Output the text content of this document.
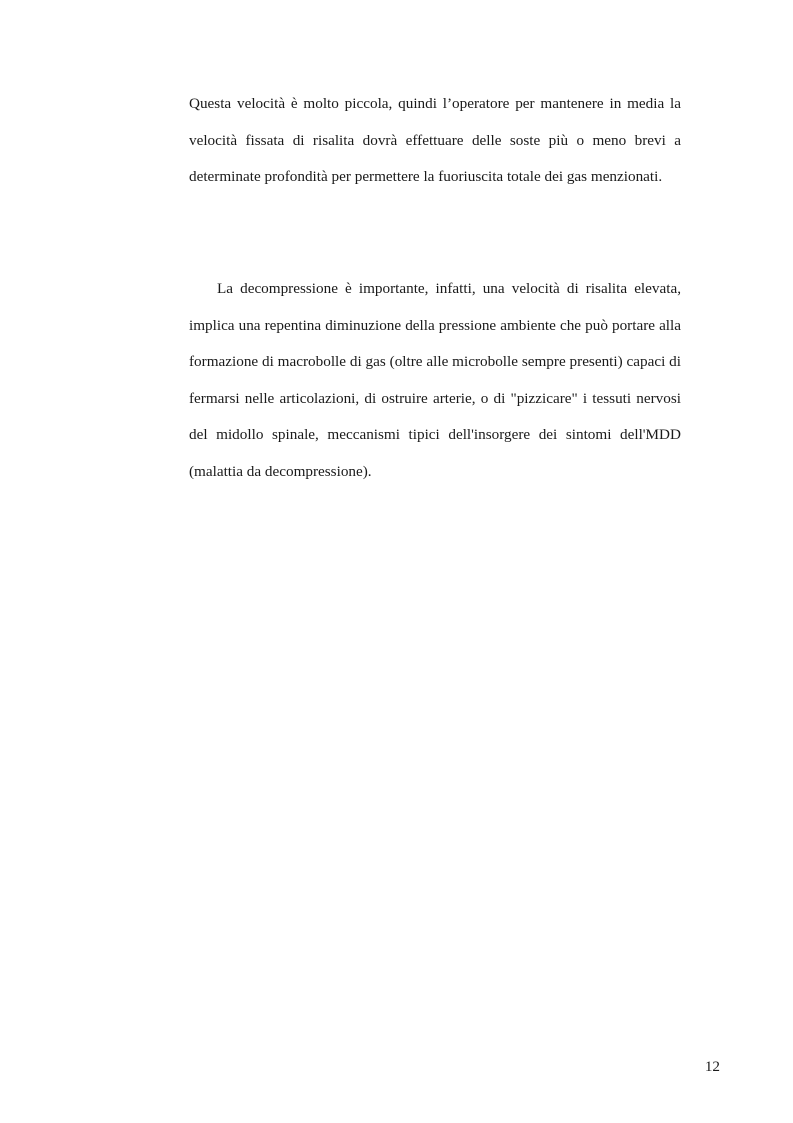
Questa velocità è molto piccola, quindi l’operatore per mantenere in media la velocità fissata di risalita dovrà effettuare delle soste più o meno brevi a determinate profondità per permettere la fuoriuscita totale dei gas menzionati.

La decompressione è importante, infatti, una velocità di risalita elevata, implica una repentina diminuzione della pressione ambiente che può portare alla formazione di macrobolle di gas (oltre alle microbolle sempre presenti) capaci di fermarsi nelle articolazioni, di ostruire arterie, o di "pizzicare" i tessuti nervosi del midollo spinale, meccanismi tipici dell'insorgere dei sintomi dell'MDD (malattia da decompressione).

12
